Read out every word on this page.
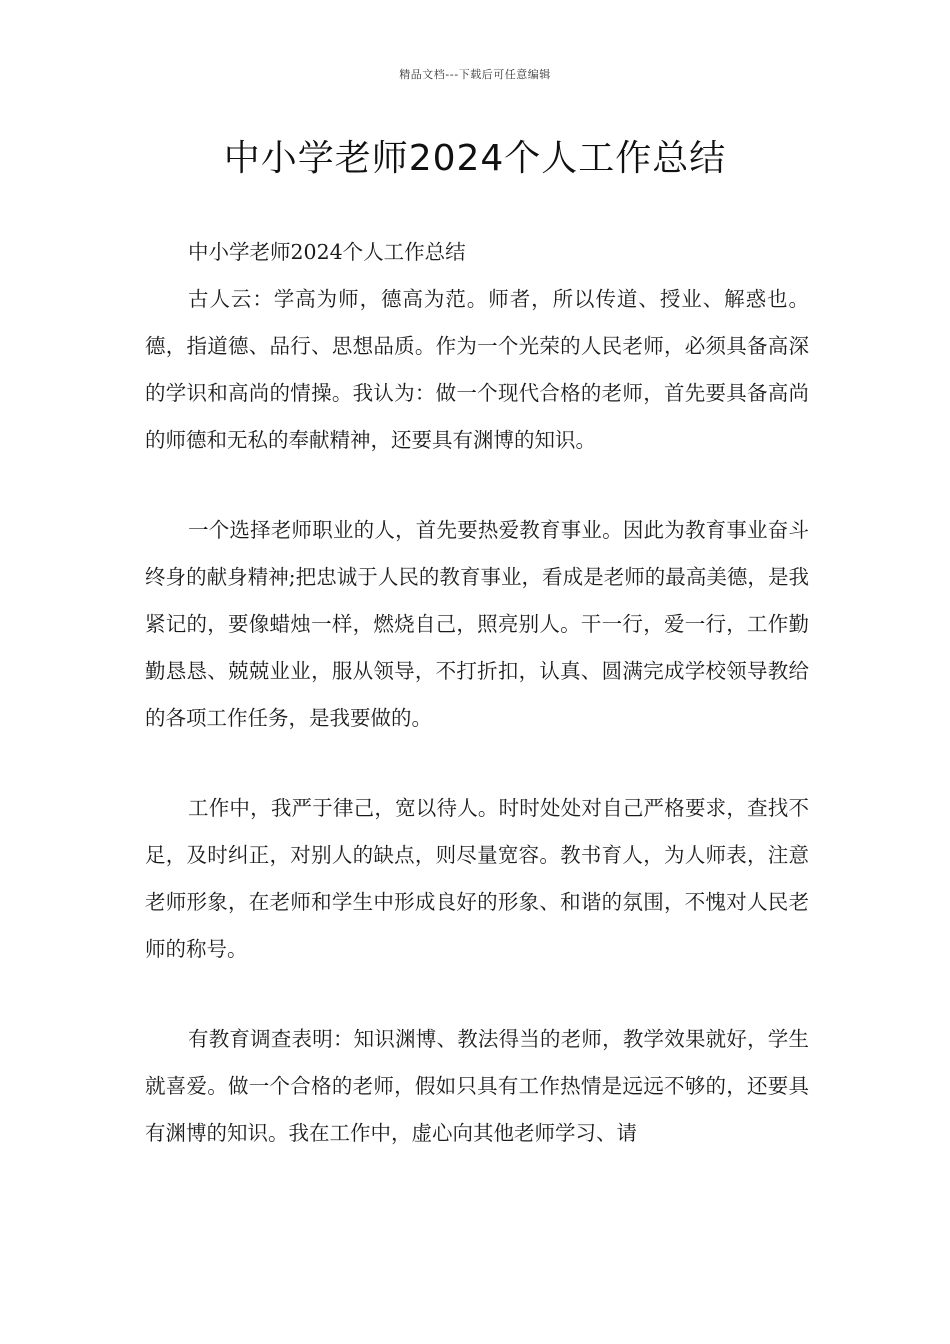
精品文档---下载后可任意编辑
中小学老师2024个人工作总结

中小学老师2024个人工作总结

古人云：学高为师，德高为范。师者，所以传道、授业、解惑也。德，指道德、品行、思想品质。作为一个光荣的人民老师，必须具备高深的学识和高尚的情操。我认为：做一个现代合格的老师，首先要具备高尚的师德和无私的奉献精神，还要具有渊博的知识。

一个选择老师职业的人，首先要热爱教育事业。因此为教育事业奋斗终身的献身精神;把忠诚于人民的教育事业，看成是老师的最高美德，是我紧记的，要像蜡烛一样，燃烧自己，照亮别人。干一行，爱一行，工作勤勤恳恳、兢兢业业，服从领导，不打折扣，认真、圆满完成学校领导教给的各项工作任务，是我要做的。

工作中，我严于律己，宽以待人。时时处处对自己严格要求，查找不足，及时纠正，对别人的缺点，则尽量宽容。教书育人，为人师表，注意老师形象，在老师和学生中形成良好的形象、和谐的氛围，不愧对人民老师的称号。

有教育调查表明：知识渊博、教法得当的老师，教学效果就好，学生就喜爱。做一个合格的老师，假如只具有工作热情是远远不够的，还要具有渊博的知识。我在工作中，虚心向其他老师学习、请
